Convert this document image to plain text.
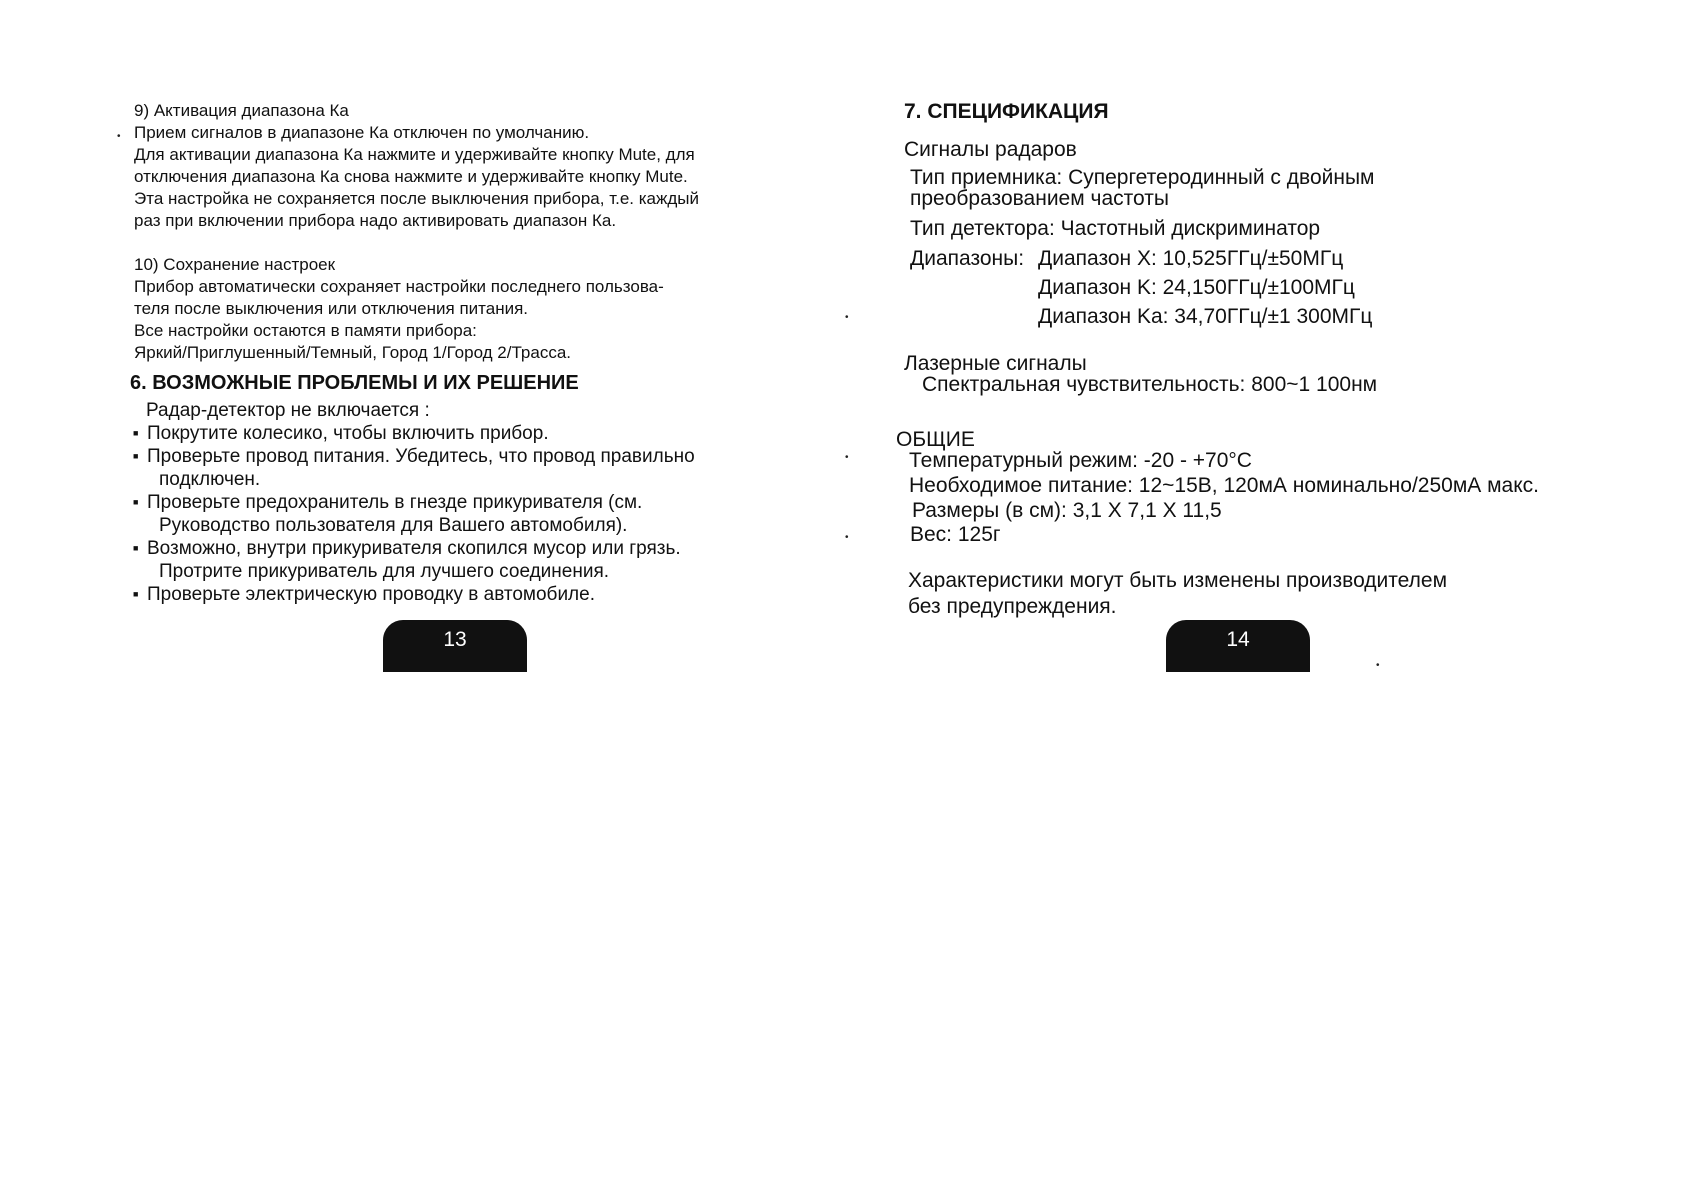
9) Активация диапазона Ка

Прием сигналов в диапазоне Ка отключен по умолчанию.

Для активации диапазона Ка нажмите и удерживайте кнопку Mute, для

отключения диапазона Ка снова нажмите и удерживайте кнопку Mute.

Эта настройка не сохраняется после выключения прибора, т.е. каждый

раз при включении прибора надо активировать диапазон Ка.

10) Сохранение настроек

Прибор автоматически сохраняет настройки последнего пользова-

теля после выключения или отключения питания.

Все настройки остаются в памяти прибора:

Яркий/Приглушенный/Темный, Город 1/Город 2/Трасса.

6. ВОЗМОЖНЫЕ ПРОБЛЕМЫ И ИХ РЕШЕНИЕ

Радар-детектор не включается :

■ Покрутите колесико, чтобы включить прибор.
■ Проверьте провод питания. Убедитесь, что провод правильно
подключен.
■ Проверьте предохранитель в гнезде прикуривателя (см.
Руководство пользователя для Вашего автомобиля).
■ Возможно, внутри прикуривателя скопился мусор или грязь.
Протрите прикуриватель для лучшего соединения.
■ Проверьте электрическую проводку в автомобиле.
13
7. СПЕЦИФИКАЦИЯ

Сигналы радаров

Тип приемника: Супергетеродинный с двойным

преобразованием частоты

Тип детектора: Частотный дискриминатор

Диапазоны: Диапазон X: 10,525ГГц/±50МГц

Диапазон K: 24,150ГГц/±100МГц

Диапазон Ka: 34,70ГГц/±1 300МГц

Лазерные сигналы

Спектральная чувствительность: 800~1 100нм

ОБЩИЕ

Температурный режим: -20 - +70°C

Необходимое питание: 12~15В, 120мА номинально/250мА макс.

Размеры (в см): 3,1 X 7,1 X 11,5

Вес: 125г

Характеристики могут быть изменены производителем

без предупреждения.

14
•
•
•
•
•
